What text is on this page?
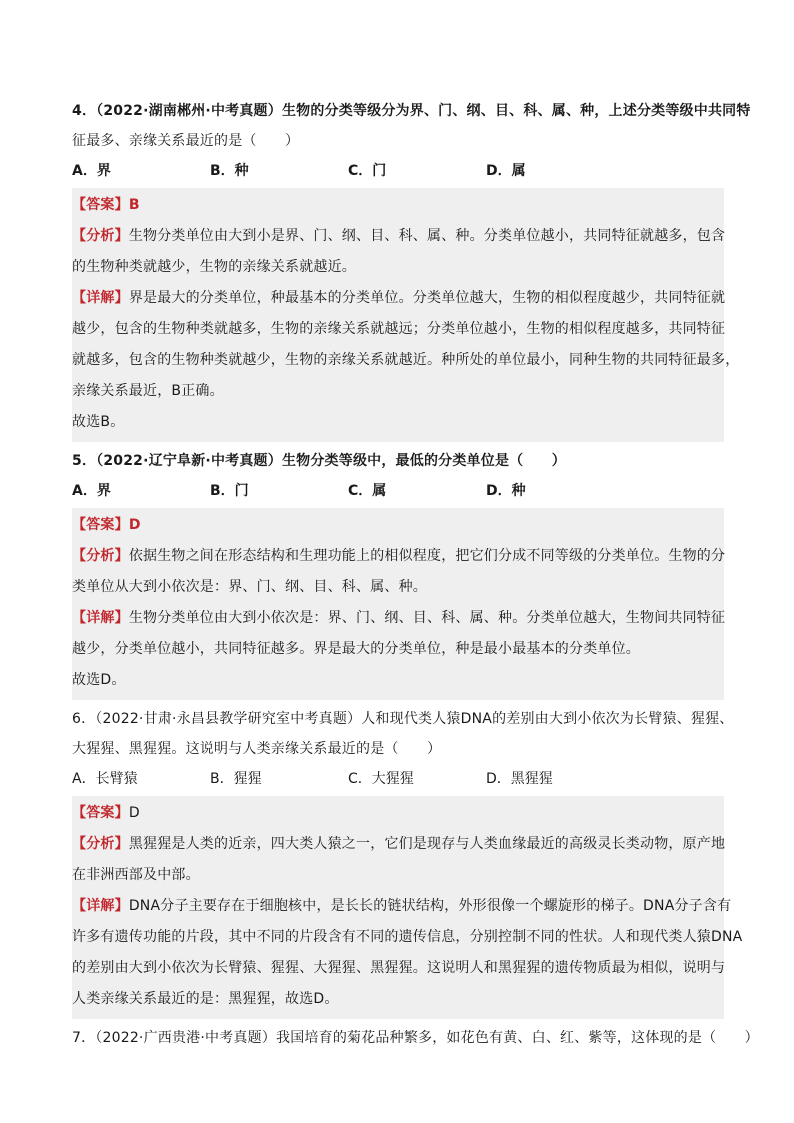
4．（2022·湖南郴州·中考真题）生物的分类等级分为界、门、纲、目、科、属、种，上述分类等级中共同特
征最多、亲缘关系最近的是（　　）
A．界	B．种	C．门	D．属
【答案】B
【分析】生物分类单位由大到小是界、门、纲、目、科、属、种。分类单位越小，共同特征就越多，包含
的生物种类就越少，生物的亲缘关系就越近。
【详解】界是最大的分类单位，种最基本的分类单位。分类单位越大，生物的相似程度越少，共同特征就
越少，包含的生物种类就越多，生物的亲缘关系就越远；分类单位越小，生物的相似程度越多，共同特征
就越多，包含的生物种类就越少，生物的亲缘关系就越近。种所处的单位最小，同种生物的共同特征最多，
亲缘关系最近，B正确。
故选B。
5．（2022·辽宁阜新·中考真题）生物分类等级中，最低的分类单位是（　　）
A．界	B．门	C．属	D．种
【答案】D
【分析】依据生物之间在形态结构和生理功能上的相似程度，把它们分成不同等级的分类单位。生物的分
类单位从大到小依次是：界、门、纲、目、科、属、种。
【详解】生物分类单位由大到小依次是：界、门、纲、目、科、属、种。分类单位越大，生物间共同特征
越少，分类单位越小，共同特征越多。界是最大的分类单位，种是最小最基本的分类单位。
故选D。
6．（2022·甘肃·永昌县教学研究室中考真题）人和现代类人猿DNA的差别由大到小依次为长臂猿、猩猩、
大猩猩、黑猩猩。这说明与人类亲缘关系最近的是（　　）
A．长臂猿	B．猩猩	C．大猩猩	D．黑猩猩
【答案】D
【分析】黑猩猩是人类的近亲，四大类人猿之一，它们是现存与人类血缘最近的高级灵长类动物，原产地
在非洲西部及中部。
【详解】DNA分子主要存在于细胞核中，是长长的链状结构，外形很像一个螺旋形的梯子。DNA分子含有
许多有遗传功能的片段，其中不同的片段含有不同的遗传信息，分别控制不同的性状。人和现代类人猿DNA
的差别由大到小依次为长臂猿、猩猩、大猩猩、黑猩猩。这说明人和黑猩猩的遗传物质最为相似，说明与
人类亲缘关系最近的是：黑猩猩，故选D。
7．（2022·广西贵港·中考真题）我国培育的菊花品种繁多，如花色有黄、白、红、紫等，这体现的是（　　）
